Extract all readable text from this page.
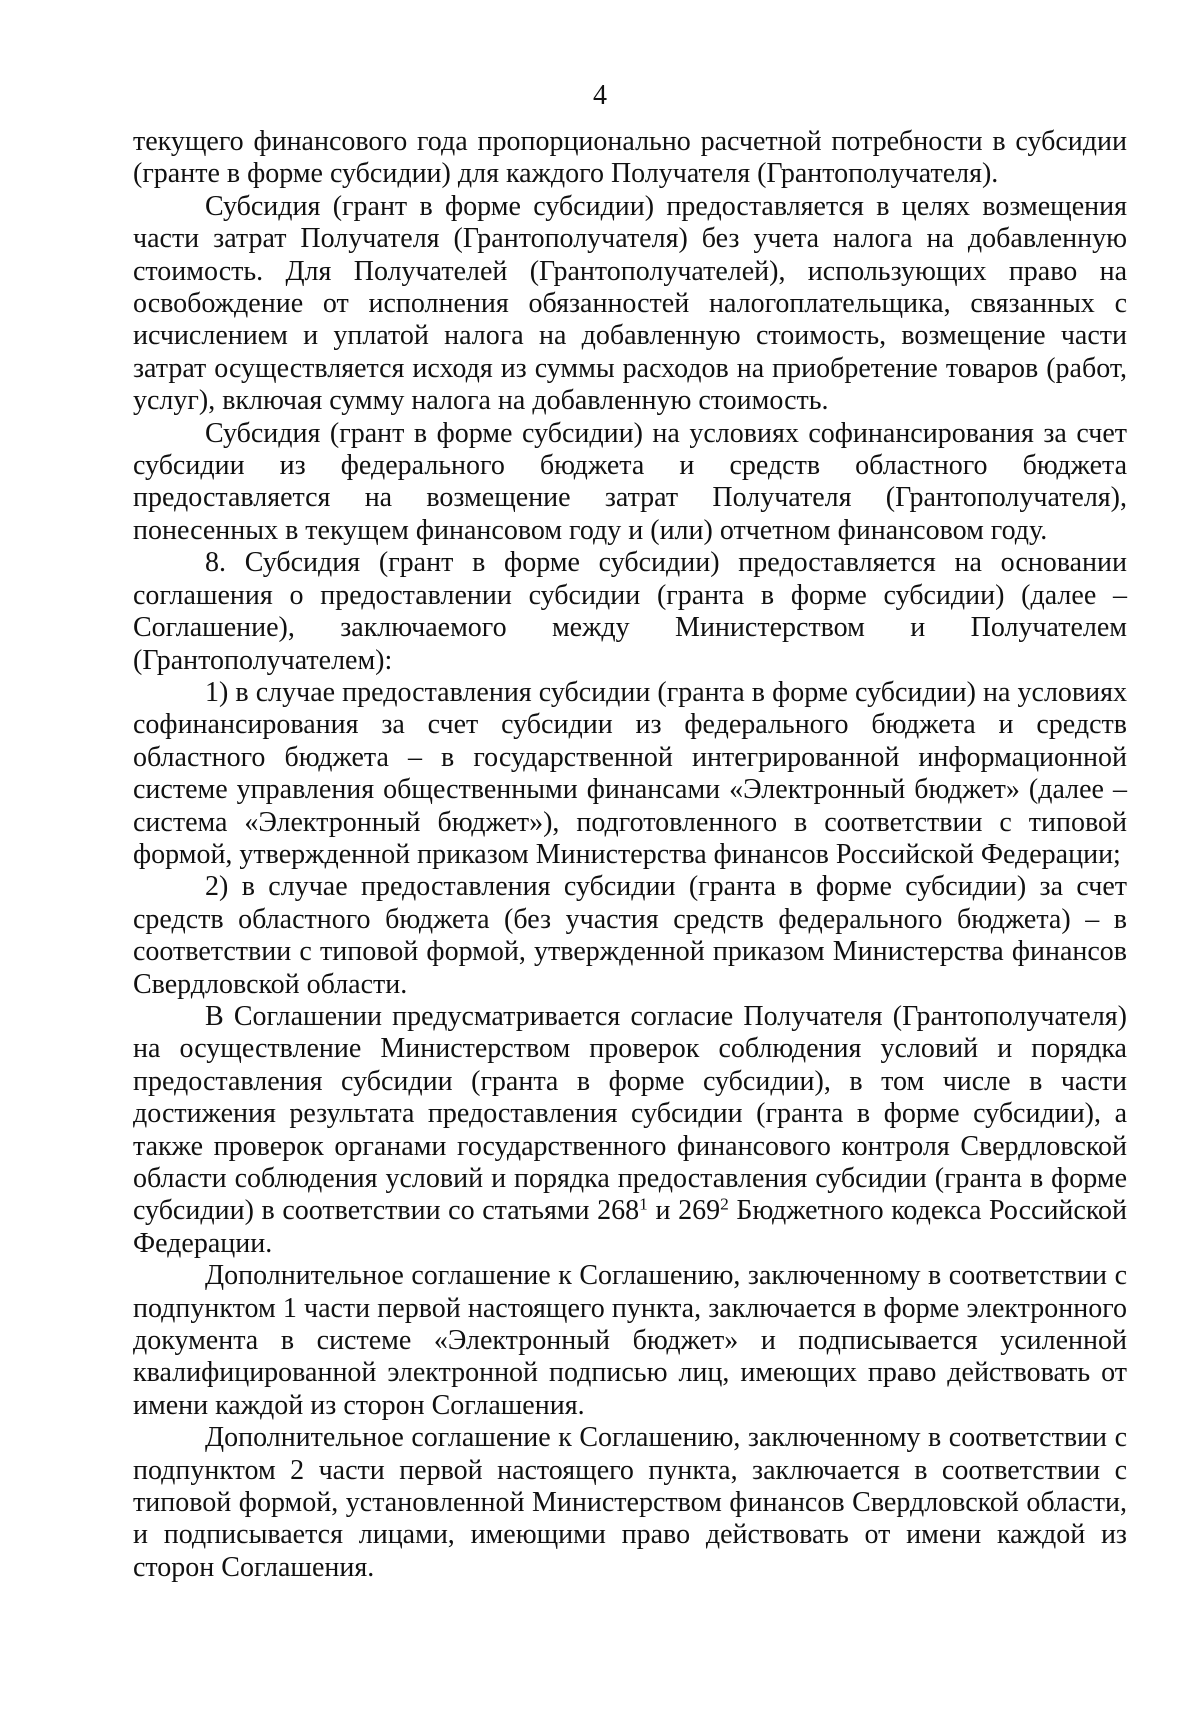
4

текущего финансового года пропорционально расчетной потребности в субсидии (гранте в форме субсидии) для каждого Получателя (Грантополучателя).

Субсидия (грант в форме субсидии) предоставляется в целях возмещения части затрат Получателя (Грантополучателя) без учета налога на добавленную стоимость. Для Получателей (Грантополучателей), использующих право на освобождение от исполнения обязанностей налогоплательщика, связанных с исчислением и уплатой налога на добавленную стоимость, возмещение части затрат осуществляется исходя из суммы расходов на приобретение товаров (работ, услуг), включая сумму налога на добавленную стоимость.

Субсидия (грант в форме субсидии) на условиях софинансирования за счет субсидии из федерального бюджета и средств областного бюджета предоставляется на возмещение затрат Получателя (Грантополучателя), понесенных в текущем финансовом году и (или) отчетном финансовом году.

8. Субсидия (грант в форме субсидии) предоставляется на основании соглашения о предоставлении субсидии (гранта в форме субсидии) (далее – Соглашение), заключаемого между Министерством и Получателем (Грантополучателем):

1) в случае предоставления субсидии (гранта в форме субсидии) на условиях софинансирования за счет субсидии из федерального бюджета и средств областного бюджета – в государственной интегрированной информационной системе управления общественными финансами «Электронный бюджет» (далее – система «Электронный бюджет»), подготовленного в соответствии с типовой формой, утвержденной приказом Министерства финансов Российской Федерации;

2) в случае предоставления субсидии (гранта в форме субсидии) за счет средств областного бюджета (без участия средств федерального бюджета) – в соответствии с типовой формой, утвержденной приказом Министерства финансов Свердловской области.

В Соглашении предусматривается согласие Получателя (Грантополучателя) на осуществление Министерством проверок соблюдения условий и порядка предоставления субсидии (гранта в форме субсидии), в том числе в части достижения результата предоставления субсидии (гранта в форме субсидии), а также проверок органами государственного финансового контроля Свердловской области соблюдения условий и порядка предоставления субсидии (гранта в форме субсидии) в соответствии со статьями $268^1$ и $269^2$ Бюджетного кодекса Российской Федерации.

Дополнительное соглашение к Соглашению, заключенному в соответствии с подпунктом 1 части первой настоящего пункта, заключается в форме электронного документа в системе «Электронный бюджет» и подписывается усиленной квалифицированной электронной подписью лиц, имеющих право действовать от имени каждой из сторон Соглашения.

Дополнительное соглашение к Соглашению, заключенному в соответствии с подпунктом 2 части первой настоящего пункта, заключается в соответствии с типовой формой, установленной Министерством финансов Свердловской области, и подписывается лицами, имеющими право действовать от имени каждой из сторон Соглашения.
